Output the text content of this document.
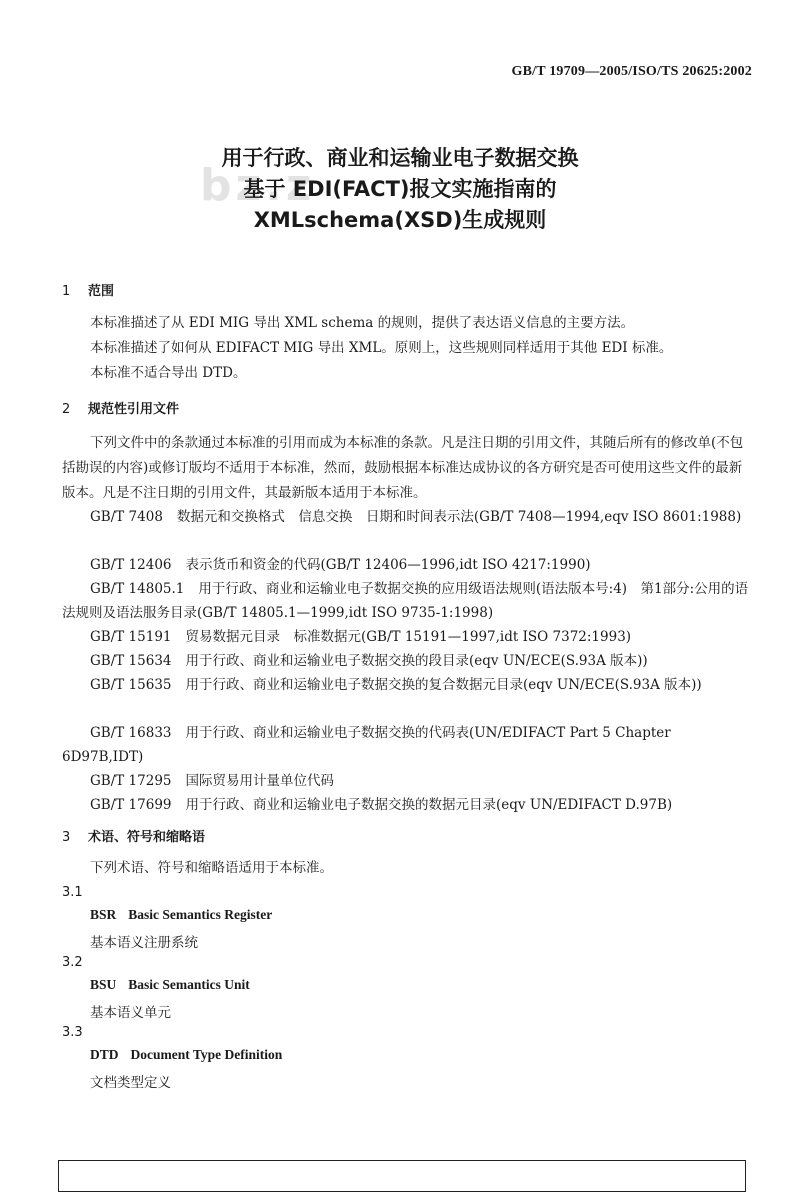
GB/T 19709—2005/ISO/TS 20625:2002
bz.z
用于行政、商业和运输业电子数据交换
基于 EDI(FACT)报文实施指南的
XMLschema(XSD)生成规则
1 范围
本标准描述了从 EDI MIG 导出 XML schema 的规则，提供了表达语义信息的主要方法。
本标准描述了如何从 EDIFACT MIG 导出 XML。原则上，这些规则同样适用于其他 EDI 标准。
本标准不适合导出 DTD。
2 规范性引用文件
下列文件中的条款通过本标准的引用而成为本标准的条款。凡是注日期的引用文件，其随后所有的修改单(不包括勘误的内容)或修订版均不适用于本标准，然而，鼓励根据本标准达成协议的各方研究是否可使用这些文件的最新版本。凡是不注日期的引用文件，其最新版本适用于本标准。
GB/T 7408 数据元和交换格式　信息交换　日期和时间表示法(GB/T 7408—1994,eqv ISO 8601:1988)
GB/T 12406 表示货币和资金的代码(GB/T 12406—1996,idt ISO 4217:1990)
GB/T 14805.1 用于行政、商业和运输业电子数据交换的应用级语法规则(语法版本号:4)　第1部分:公用的语法规则及语法服务目录(GB/T 14805.1—1999,idt ISO 9735-1:1998)
GB/T 15191 贸易数据元目录　标准数据元(GB/T 15191—1997,idt ISO 7372:1993)
GB/T 15634 用于行政、商业和运输业电子数据交换的段目录(eqv UN/ECE(S.93A 版本))
GB/T 15635 用于行政、商业和运输业电子数据交换的复合数据元目录(eqv UN/ECE(S.93A 版本))
GB/T 16833 用于行政、商业和运输业电子数据交换的代码表(UN/EDIFACT Part 5 Chapter 6D97B,IDT)
GB/T 17295 国际贸易用计量单位代码
GB/T 17699 用于行政、商业和运输业电子数据交换的数据元目录(eqv UN/EDIFACT D.97B)
3 术语、符号和缩略语
下列术语、符号和缩略语适用于本标准。
3.1
BSR Basic Semantics Register
基本语义注册系统
3.2
BSU Basic Semantics Unit
基本语义单元
3.3
DTD Document Type Definition
文档类型定义
